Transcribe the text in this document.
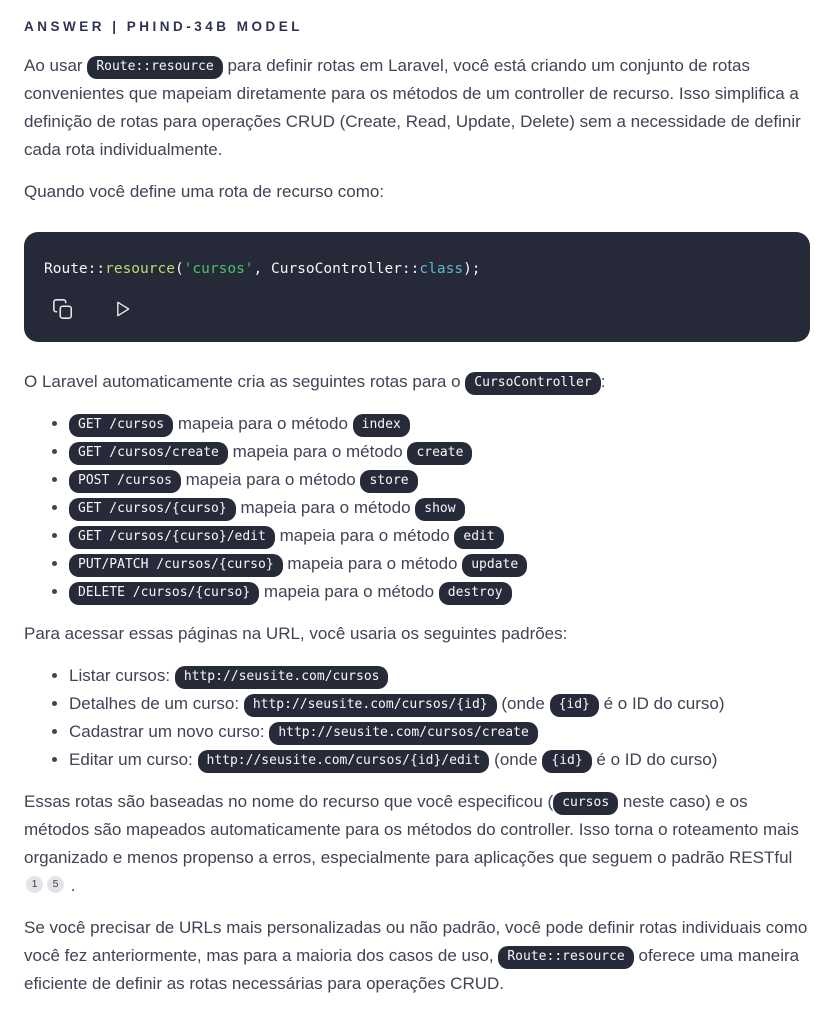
ANSWER | PHIND-34B MODEL

Ao usar Route::resource para definir rotas em Laravel, você está criando um conjunto de rotas convenientes que mapeiam diretamente para os métodos de um controller de recurso. Isso simplifica a definição de rotas para operações CRUD (Create, Read, Update, Delete) sem a necessidade de definir cada rota individualmente.

Quando você define uma rota de recurso como:

Route::resource('cursos', CursoController::class);

O Laravel automaticamente cria as seguintes rotas para o CursoController :

• GET /cursos mapeia para o método index
• GET /cursos/create mapeia para o método create
• POST /cursos mapeia para o método store
• GET /cursos/{curso} mapeia para o método show
• GET /cursos/{curso}/edit mapeia para o método edit
• PUT/PATCH /cursos/{curso} mapeia para o método update
• DELETE /cursos/{curso} mapeia para o método destroy

Para acessar essas páginas na URL, você usaria os seguintes padrões:

• Listar cursos: http://seusite.com/cursos
• Detalhes de um curso: http://seusite.com/cursos/{id} (onde {id} é o ID do curso)
• Cadastrar um novo curso: http://seusite.com/cursos/create
• Editar um curso: http://seusite.com/cursos/{id}/edit (onde {id} é o ID do curso)

Essas rotas são baseadas no nome do recurso que você especificou ( cursos neste caso) e os métodos são mapeados automaticamente para os métodos do controller. Isso torna o roteamento mais organizado e menos propenso a erros, especialmente para aplicações que seguem o padrão RESTful $^1$ $^5$ .

Se você precisar de URLs mais personalizadas ou não padrão, você pode definir rotas individuais como você fez anteriormente, mas para a maioria dos casos de uso, Route::resource oferece uma maneira eficiente de definir as rotas necessárias para operações CRUD.
